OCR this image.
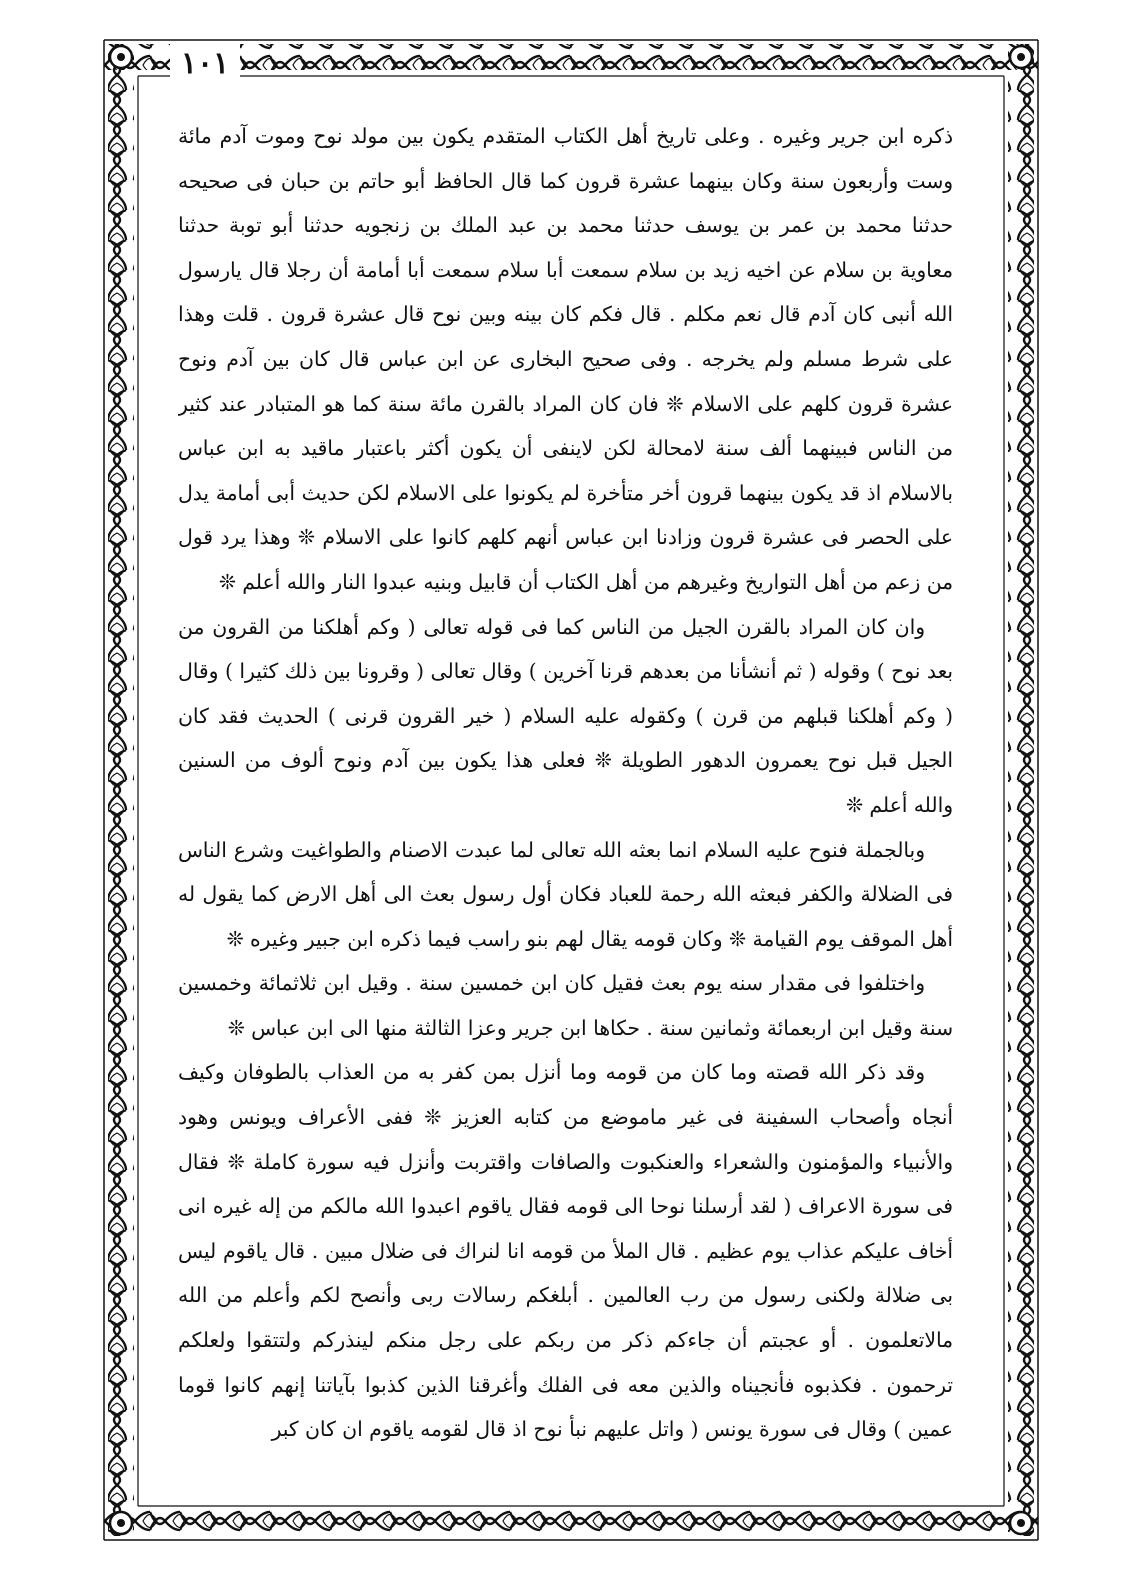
١٠١

ذكره ابن جرير وغيره . وعلى تاريخ أهل الكتاب المتقدم يكون بين مولد نوح وموت آدم مائة وست وأربعون سنة وكان بينهما عشرة قرون كما قال الحافظ أبو حاتم بن حبان فى صحيحه حدثنا محمد بن عمر بن يوسف حدثنا محمد بن عبد الملك بن زنجويه حدثنا أبو توبة حدثنا معاوية بن سلام عن اخيه زيد بن سلام سمعت أبا سلام سمعت أبا أمامة أن رجلا قال يارسول الله أنبى كان آدم قال نعم مكلم . قال فكم كان بينه وبين نوح قال عشرة قرون . قلت وهذا على شرط مسلم ولم يخرجه . وفى صحيح البخارى عن ابن عباس قال كان بين آدم ونوح عشرة قرون كلهم على الاسلام ❊ فان كان المراد بالقرن مائة سنة كما هو المتبادر عند كثير من الناس فبينهما ألف سنة لامحالة لكن لاينفى أن يكون أكثر باعتبار ماقيد به ابن عباس بالاسلام اذ قد يكون بينهما قرون أخر متأخرة لم يكونوا على الاسلام لكن حديث أبى أمامة يدل على الحصر فى عشرة قرون وزادنا ابن عباس أنهم كلهم كانوا على الاسلام ❊ وهذا يرد قول من زعم من أهل التواريخ وغيرهم من أهل الكتاب أن قابيل وبنيه عبدوا النار والله أعلم ❊

وان كان المراد بالقرن الجيل من الناس كما فى قوله تعالى ( وكم أهلكنا من القرون من بعد نوح ) وقوله ( ثم أنشأنا من بعدهم قرنا آخرين ) وقال تعالى ( وقرونا بين ذلك كثيرا ) وقال ( وكم أهلكنا قبلهم من قرن ) وكقوله عليه السلام ( خير القرون قرنى ) الحديث فقد كان الجيل قبل نوح يعمرون الدهور الطويلة ❊ فعلى هذا يكون بين آدم ونوح ألوف من السنين والله أعلم ❊

وبالجملة فنوح عليه السلام انما بعثه الله تعالى لما عبدت الاصنام والطواغيت وشرع الناس فى الضلالة والكفر فبعثه الله رحمة للعباد فكان أول رسول بعث الى أهل الارض كما يقول له أهل الموقف يوم القيامة ❊ وكان قومه يقال لهم بنو راسب فيما ذكره ابن جبير وغيره ❊

واختلفوا فى مقدار سنه يوم بعث فقيل كان ابن خمسين سنة . وقيل ابن ثلاثمائة وخمسين سنة وقيل ابن اربعمائة وثمانين سنة . حكاها ابن جرير وعزا الثالثة منها الى ابن عباس ❊

وقد ذكر الله قصته وما كان من قومه وما أنزل بمن كفر به من العذاب بالطوفان وكيف أنجاه وأصحاب السفينة فى غير ماموضع من كتابه العزيز ❊ ففى الأعراف ويونس وهود والأنبياء والمؤمنون والشعراء والعنكبوت والصافات واقتربت وأنزل فيه سورة كاملة ❊ فقال فى سورة الاعراف ( لقد أرسلنا نوحا الى قومه فقال ياقوم اعبدوا الله مالكم من إله غيره انى أخاف عليكم عذاب يوم عظيم . قال الملأ من قومه انا لنراك فى ضلال مبين . قال ياقوم ليس بى ضلالة ولكنى رسول من رب العالمين . أبلغكم رسالات ربى وأنصح لكم وأعلم من الله مالاتعلمون . أو عجبتم أن جاءكم ذكر من ربكم على رجل منكم لينذركم ولتتقوا ولعلكم ترحمون . فكذبوه فأنجيناه والذين معه فى الفلك وأغرقنا الذين كذبوا بآياتنا إنهم كانوا قوما عمين ) وقال فى سورة يونس ( واتل عليهم نبأ نوح اذ قال لقومه ياقوم ان كان كبر
